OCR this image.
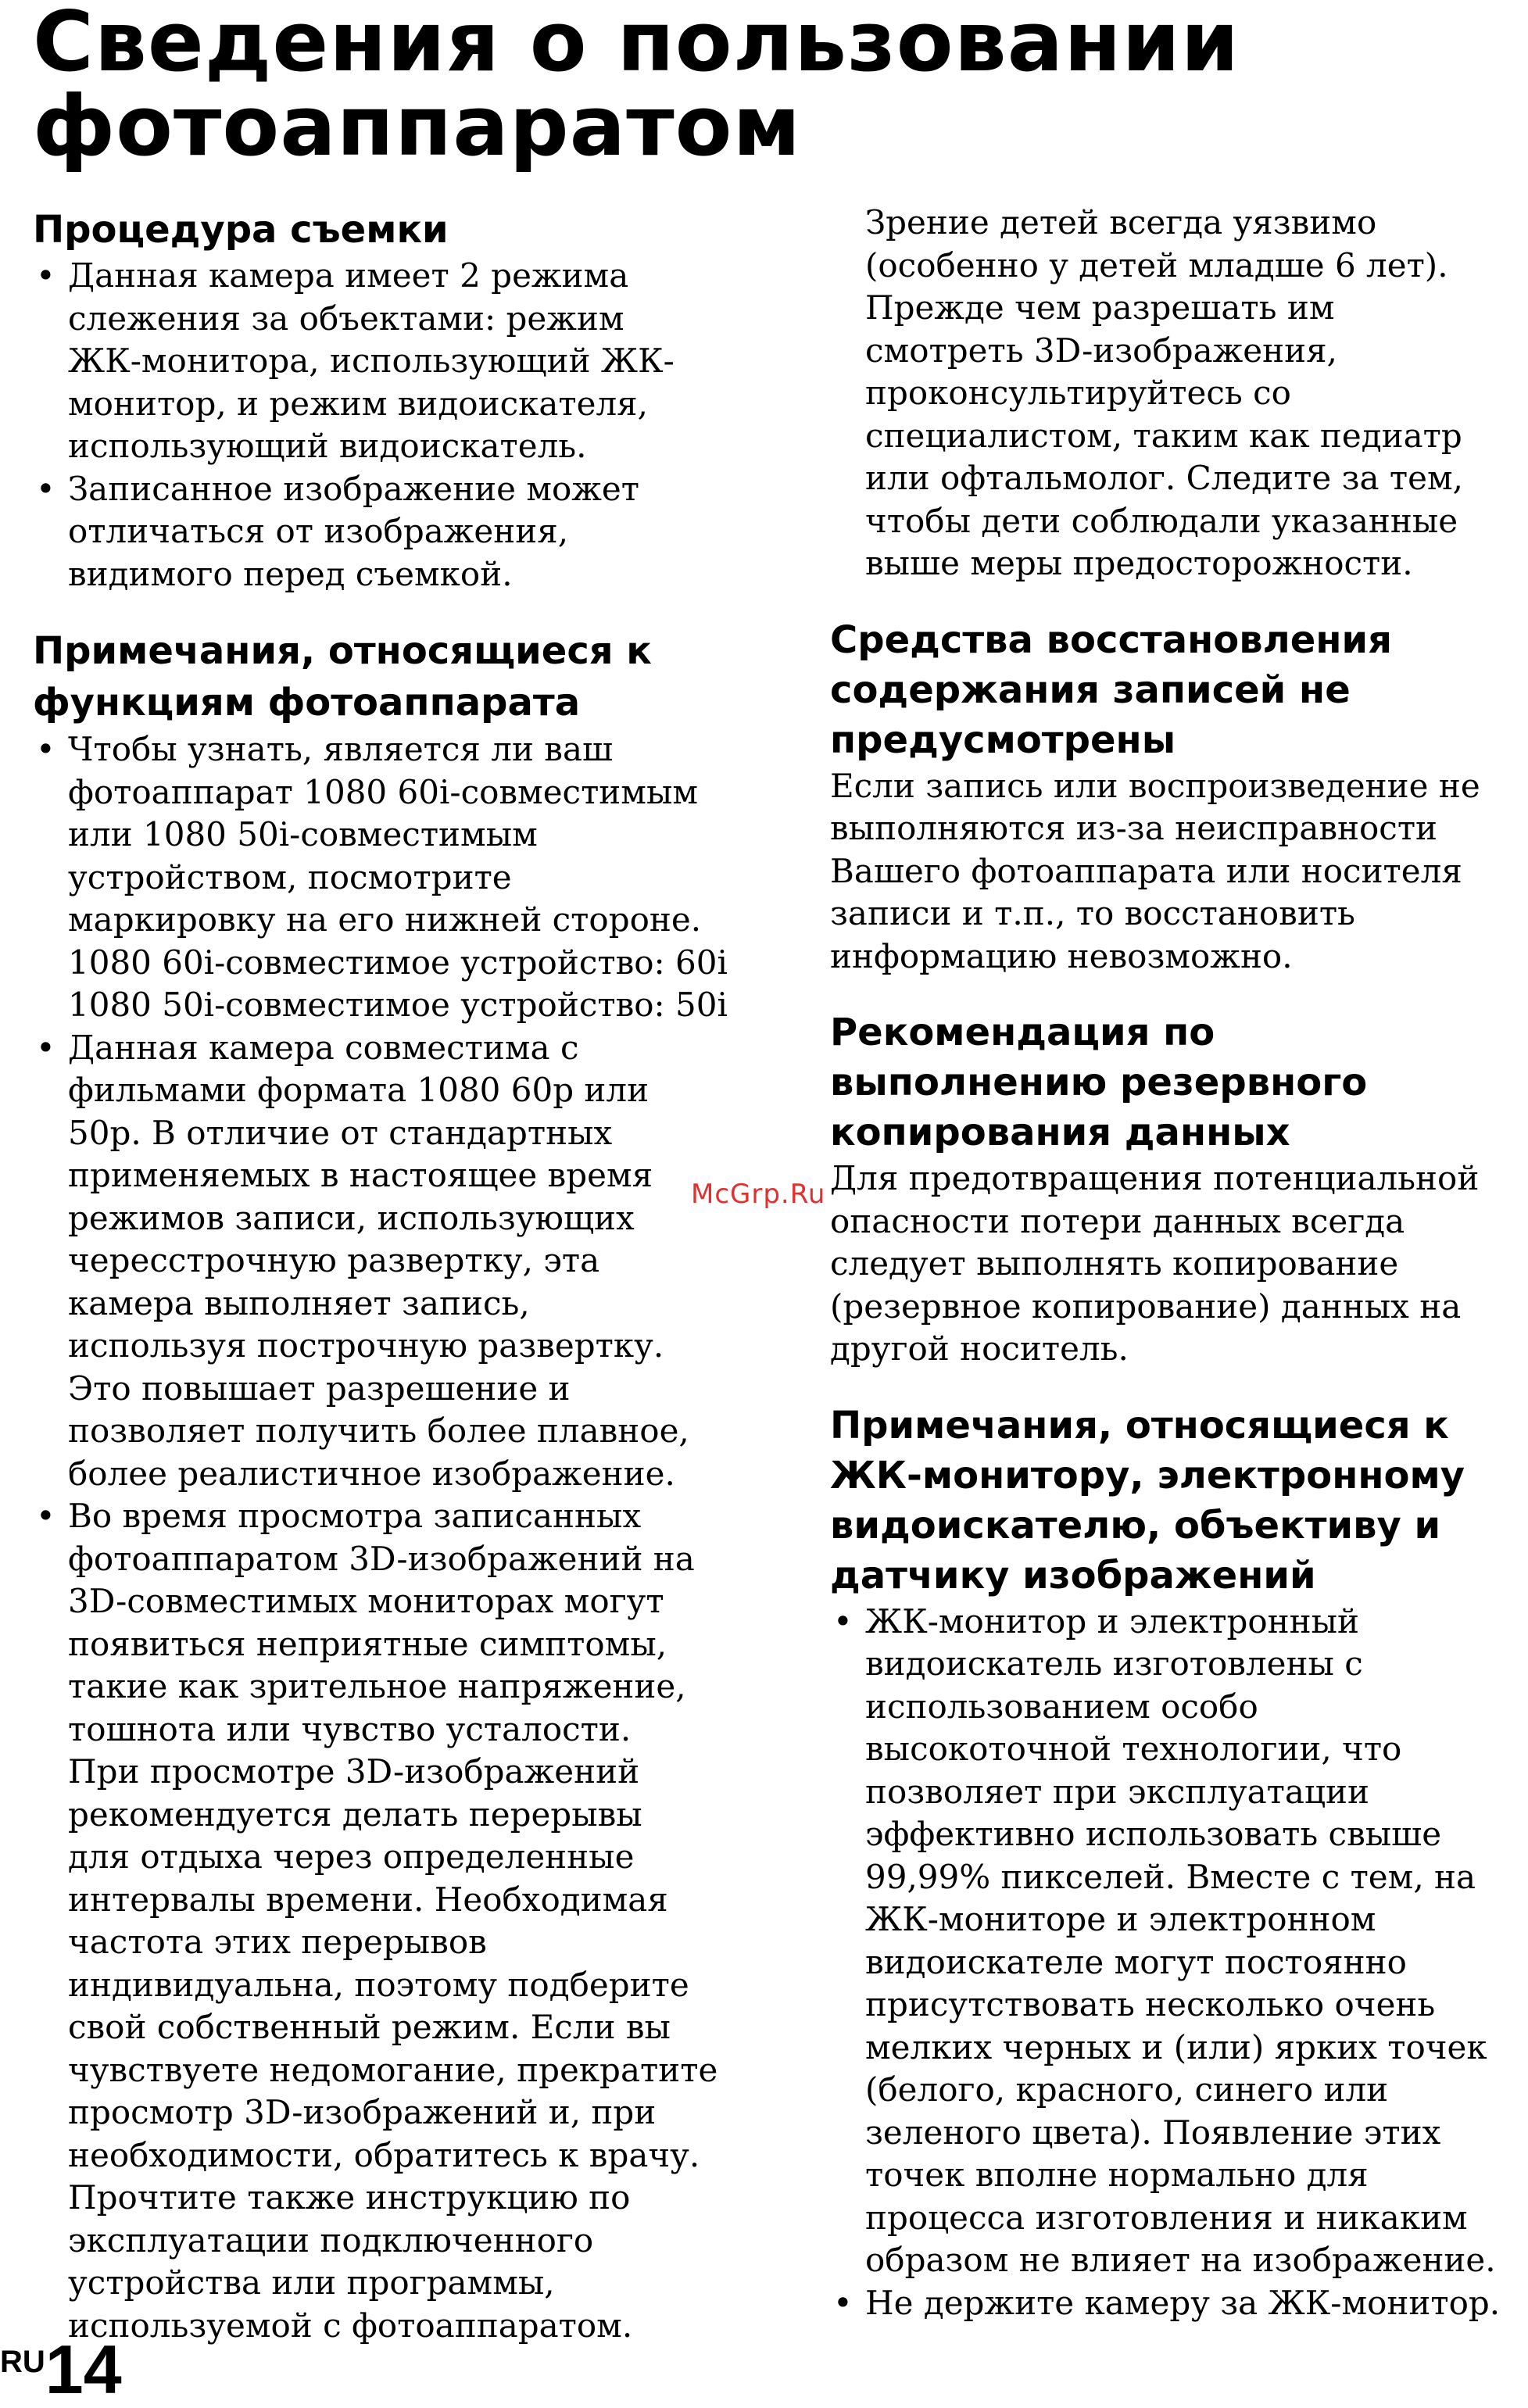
Сведения о пользовании
фотоаппаратом
Процедура съемки
• Данная камера имеет 2 режима
слежения за объектами: режим
ЖК-монитора, использующий ЖК-
монитор, и режим видоискателя,
использующий видоискатель.
• Записанное изображение может
отличаться от изображения,
видимого перед съемкой.
Примечания, относящиеся к
функциям фотоаппарата
• Чтобы узнать, является ли ваш
фотоаппарат 1080 60i-совместимым
или 1080 50i-совместимым
устройством, посмотрите
маркировку на его нижней стороне.
1080 60i-совместимое устройство: 60i
1080 50i-совместимое устройство: 50i
• Данная камера совместима с
фильмами формата 1080 60p или
50p. В отличие от стандартных
применяемых в настоящее время
режимов записи, использующих
чересстрочную развертку, эта
камера выполняет запись,
используя построчную развертку.
Это повышает разрешение и
позволяет получить более плавное,
более реалистичное изображение.
• Во время просмотра записанных
фотоаппаратом 3D-изображений на
3D-совместимых мониторах могут
появиться неприятные симптомы,
такие как зрительное напряжение,
тошнота или чувство усталости.
При просмотре 3D-изображений
рекомендуется делать перерывы
для отдыха через определенные
интервалы времени. Необходимая
частота этих перерывов
индивидуальна, поэтому подберите
свой собственный режим. Если вы
чувствуете недомогание, прекратите
просмотр 3D-изображений и, при
необходимости, обратитесь к врачу.
Прочтите также инструкцию по
эксплуатации подключенного
устройства или программы,
используемой с фотоаппаратом.

Зрение детей всегда уязвимо
(особенно у детей младше 6 лет).
Прежде чем разрешать им
смотреть 3D-изображения,
проконсультируйтесь со
специалистом, таким как педиатр
или офтальмолог. Следите за тем,
чтобы дети соблюдали указанные
выше меры предосторожности.

Средства восстановления
содержания записей не
предусмотрены

Если запись или воспроизведение не
выполняются из-за неисправности
Вашего фотоаппарата или носителя
записи и т.п., то восстановить
информацию невозможно.

Рекомендация по
выполнению резервного
копирования данных

Для предотвращения потенциальной
опасности потери данных всегда
следует выполнять копирование
(резервное копирование) данных на
другой носитель.

Примечания, относящиеся к
ЖК-монитору, электронному
видоискателю, объективу и
датчику изображений
• ЖК-монитор и электронный
видоискатель изготовлены с
использованием особо
высокоточной технологии, что
позволяет при эксплуатации
эффективно использовать свыше
99,99% пикселей. Вместе с тем, на
ЖК-мониторе и электронном
видоискателе могут постоянно
присутствовать несколько очень
мелких черных и (или) ярких точек
(белого, красного, синего или
зеленого цвета). Появление этих
точек вполне нормально для
процесса изготовления и никаким
образом не влияет на изображение.
• Не держите камеру за ЖК-монитор.
McGrp.Ru
RU14
